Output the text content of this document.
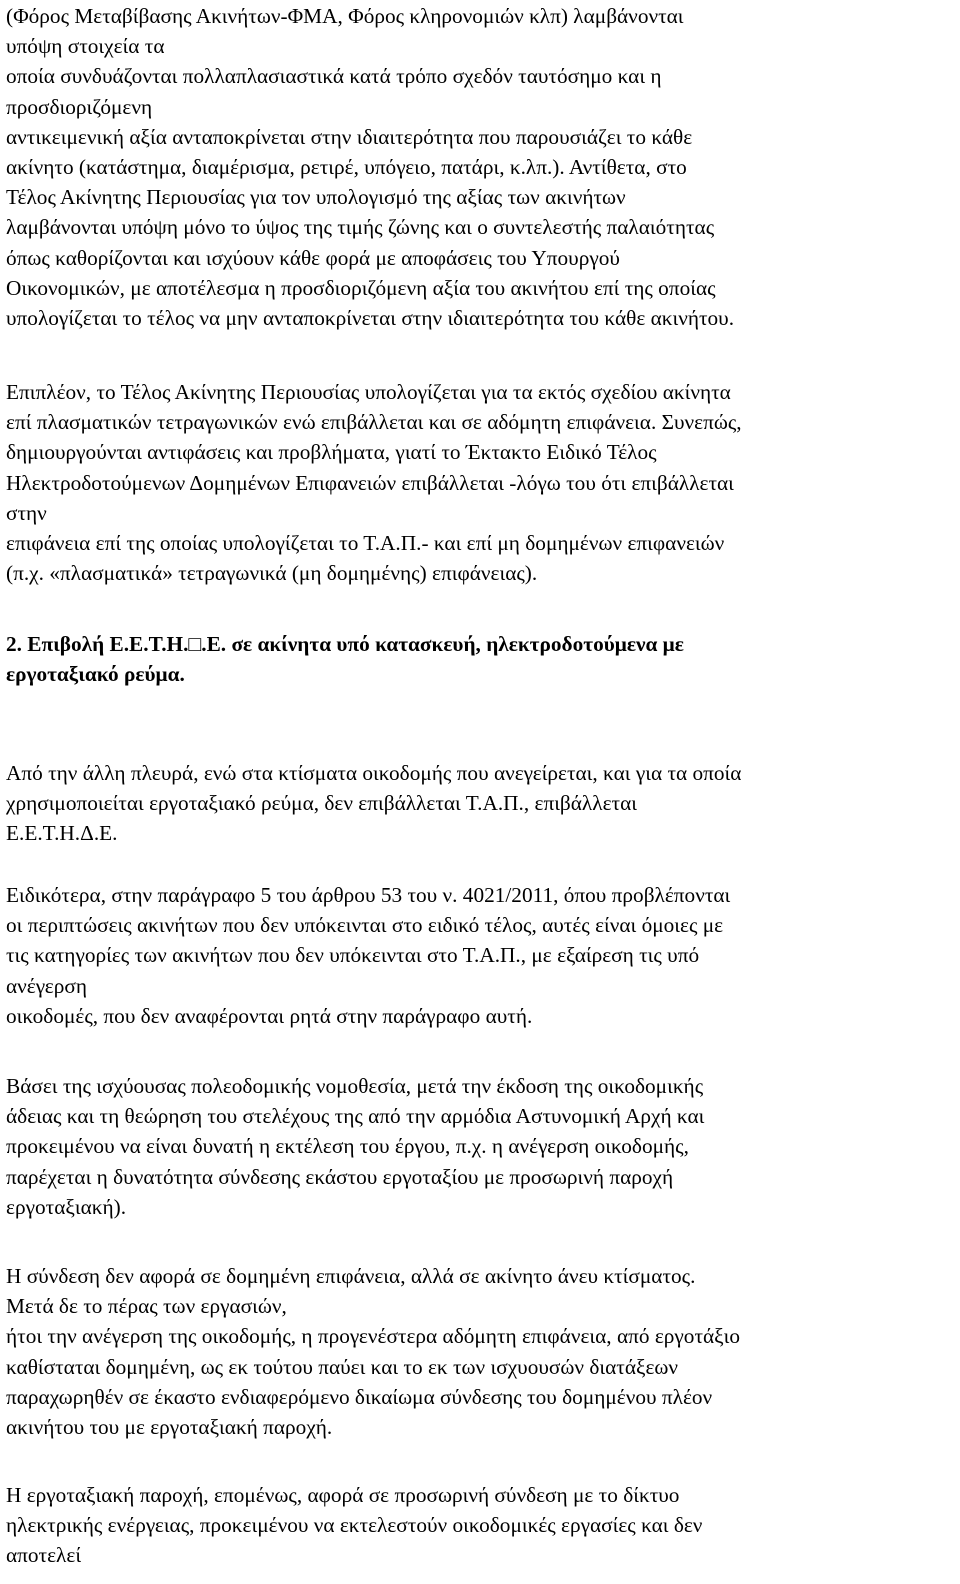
(Φόρος Μεταβίβασης Ακινήτων-ΦΜΑ, Φόρος κληρονομιών κλπ) λαμβάνονται
υπόψη στοιχεία τα
οποία συνδυάζονται πολλαπλασιαστικά κατά τρόπο σχεδόν ταυτόσημο και η
προσδιοριζόμενη
αντικειμενική αξία ανταποκρίνεται στην ιδιαιτερότητα που παρουσιάζει το κάθε
ακίνητο (κατάστημα, διαμέρισμα, ρετιρέ, υπόγειο, πατάρι, κ.λπ.). Αντίθετα, στο
Τέλος Ακίνητης Περιουσίας για τον υπολογισμό της αξίας των ακινήτων
λαμβάνονται υπόψη μόνο το ύψος της τιμής ζώνης και ο συντελεστής παλαιότητας
όπως καθορίζονται και ισχύουν κάθε φορά με αποφάσεις του Υπουργού
Οικονομικών, με αποτέλεσμα η προσδιοριζόμενη αξία του ακινήτου επί της οποίας
υπολογίζεται το τέλος να μην ανταποκρίνεται στην ιδιαιτερότητα του κάθε ακινήτου.
Επιπλέον, το Τέλος Ακίνητης Περιουσίας υπολογίζεται για τα εκτός σχεδίου ακίνητα
επί πλασματικών τετραγωνικών ενώ επιβάλλεται και σε αδόμητη επιφάνεια. Συνεπώς,
δημιουργούνται αντιφάσεις και προβλήματα, γιατί το Έκτακτο Ειδικό Τέλος
Ηλεκτροδοτούμενων Δομημένων Επιφανειών επιβάλλεται -λόγω του ότι επιβάλλεται
στην
επιφάνεια επί της οποίας υπολογίζεται το Τ.Α.Π.- και επί μη δομημένων επιφανειών
(π.χ. «πλασματικά» τετραγωνικά (μη δομημένης) επιφάνειας).
2. Επιβολή Ε.Ε.Τ.Η.□.Ε. σε ακίνητα υπό κατασκευή, ηλεκτροδοτούμενα με
εργοταξιακό ρεύμα.
Από την άλλη πλευρά, ενώ στα κτίσματα οικοδομής που ανεγείρεται, και για τα οποία
χρησιμοποιείται εργοταξιακό ρεύμα, δεν επιβάλλεται Τ.Α.Π., επιβάλλεται
Ε.Ε.Τ.Η.Δ.Ε.
Ειδικότερα, στην παράγραφο 5 του άρθρου 53 του ν. 4021/2011, όπου προβλέπονται
οι περιπτώσεις ακινήτων που δεν υπόκεινται στο ειδικό τέλος, αυτές είναι όμοιες με
τις κατηγορίες των ακινήτων που δεν υπόκεινται στο Τ.Α.Π., με εξαίρεση τις υπό
ανέγερση
οικοδομές, που δεν αναφέρονται ρητά στην παράγραφο αυτή.
Βάσει της ισχύουσας πολεοδομικής νομοθεσία, μετά την έκδοση της οικοδομικής
άδειας και τη θεώρηση του στελέχους της από την αρμόδια Αστυνομική Αρχή και
προκειμένου να είναι δυνατή η εκτέλεση του έργου, π.χ. η ανέγερση οικοδομής,
παρέχεται η δυνατότητα σύνδεσης εκάστου εργοταξίου με προσωρινή παροχή
εργοταξιακή).
Η σύνδεση δεν αφορά σε δομημένη επιφάνεια, αλλά σε ακίνητο άνευ κτίσματος.
Μετά δε το πέρας των εργασιών,
ήτοι την ανέγερση της οικοδομής, η προγενέστερα αδόμητη επιφάνεια, από εργοτάξιο
καθίσταται δομημένη, ως εκ τούτου παύει και το εκ των ισχυουσών διατάξεων
παραχωρηθέν σε έκαστο ενδιαφερόμενο δικαίωμα σύνδεσης του δομημένου πλέον
ακινήτου του με εργοταξιακή παροχή.
Η εργοταξιακή παροχή, επομένως, αφορά σε προσωρινή σύνδεση με το δίκτυο
ηλεκτρικής ενέργειας, προκειμένου να εκτελεστούν οικοδομικές εργασίες και δεν
αποτελεί
